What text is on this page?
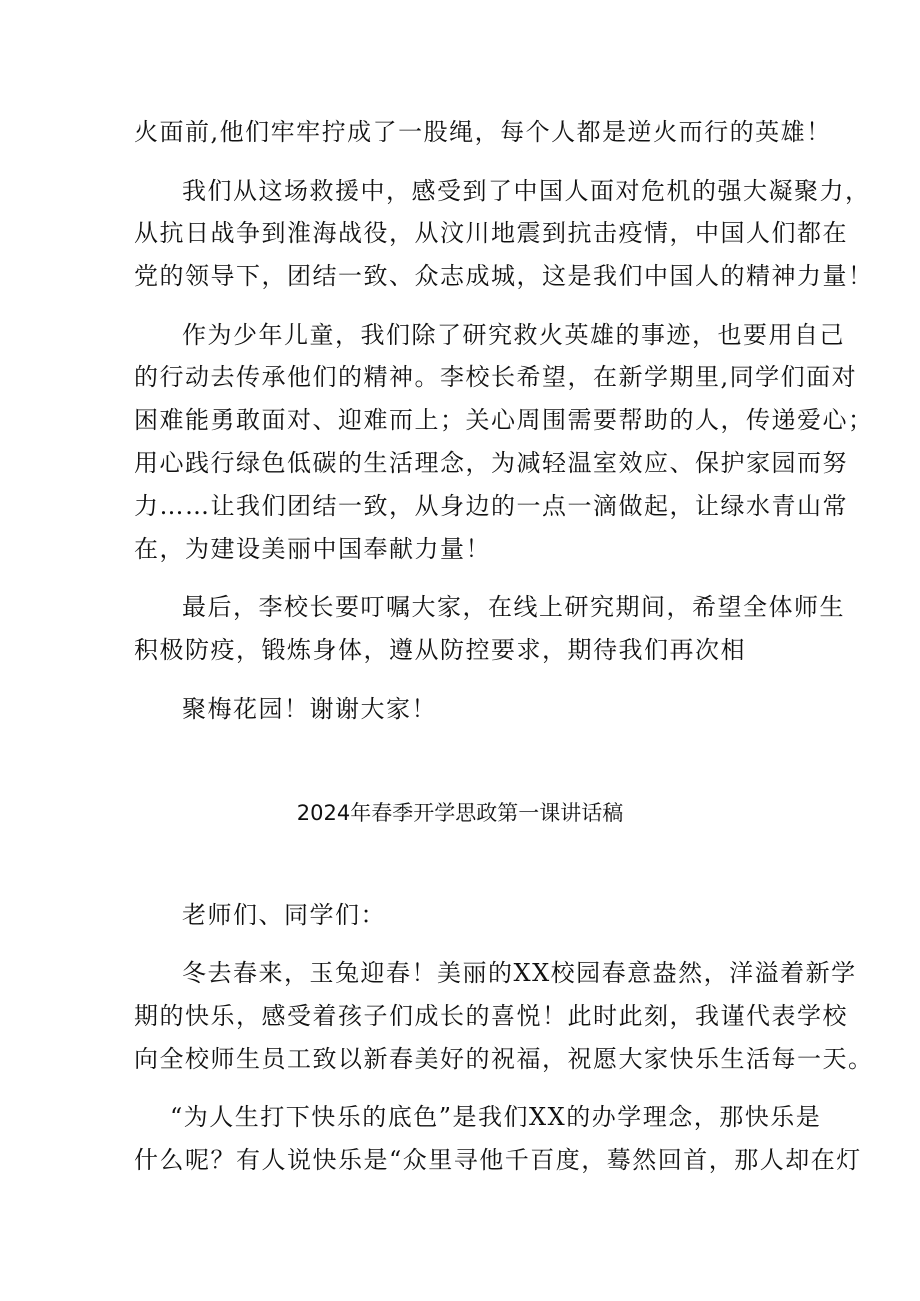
火面前,他们牢牢拧成了一股绳，每个人都是逆火而行的英雄！
我们从这场救援中，感受到了中国人面对危机的强大凝聚力，
从抗日战争到淮海战役，从汶川地震到抗击疫情，中国人们都在
党的领导下，团结一致、众志成城，这是我们中国人的精神力量！
作为少年儿童，我们除了研究救火英雄的事迹，也要用自己
的行动去传承他们的精神。李校长希望，在新学期里,同学们面对
困难能勇敢面对、迎难而上；关心周围需要帮助的人，传递爱心；
用心践行绿色低碳的生活理念，为减轻温室效应、保护家园而努
力……让我们团结一致，从身边的一点一滴做起，让绿水青山常
在，为建设美丽中国奉献力量！
最后，李校长要叮嘱大家，在线上研究期间，希望全体师生
积极防疫，锻炼身体，遵从防控要求，期待我们再次相
聚梅花园！谢谢大家！
2024年春季开学思政第一课讲话稿
老师们、同学们：
冬去春来，玉兔迎春！美丽的XX校园春意盎然，洋溢着新学
期的快乐，感受着孩子们成长的喜悦！此时此刻，我谨代表学校
向全校师生员工致以新春美好的祝福，祝愿大家快乐生活每一天。
“为人生打下快乐的底色”是我们XX的办学理念，那快乐是
什么呢？有人说快乐是“众里寻他千百度，蓦然回首，那人却在灯
